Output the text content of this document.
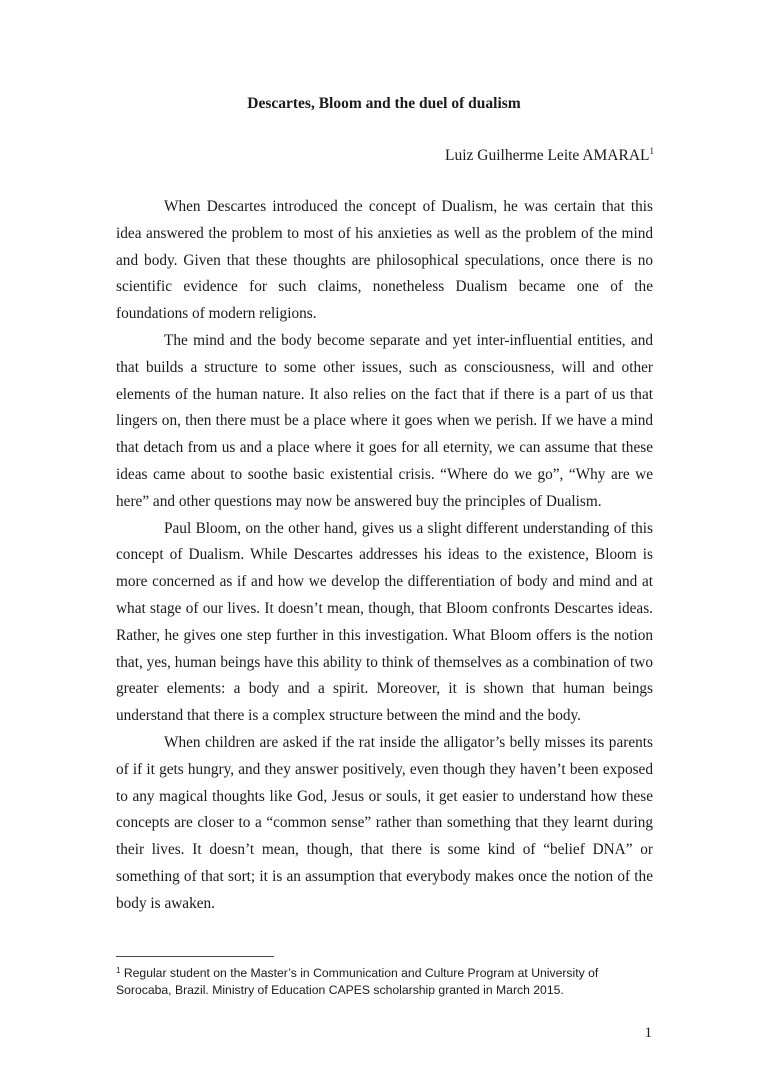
Descartes, Bloom and the duel of dualism

Luiz Guilherme Leite AMARAL$^1$

When Descartes introduced the concept of Dualism, he was certain that this idea answered the problem to most of his anxieties as well as the problem of the mind and body. Given that these thoughts are philosophical speculations, once there is no scientific evidence for such claims, nonetheless Dualism became one of the foundations of modern religions.

The mind and the body become separate and yet inter-influential entities, and that builds a structure to some other issues, such as consciousness, will and other elements of the human nature. It also relies on the fact that if there is a part of us that lingers on, then there must be a place where it goes when we perish. If we have a mind that detach from us and a place where it goes for all eternity, we can assume that these ideas came about to soothe basic existential crisis. “Where do we go”, “Why are we here” and other questions may now be answered buy the principles of Dualism.

Paul Bloom, on the other hand, gives us a slight different understanding of this concept of Dualism. While Descartes addresses his ideas to the existence, Bloom is more concerned as if and how we develop the differentiation of body and mind and at what stage of our lives. It doesn’t mean, though, that Bloom confronts Descartes ideas. Rather, he gives one step further in this investigation. What Bloom offers is the notion that, yes, human beings have this ability to think of themselves as a combination of two greater elements: a body and a spirit. Moreover, it is shown that human beings understand that there is a complex structure between the mind and the body.

When children are asked if the rat inside the alligator’s belly misses its parents of if it gets hungry, and they answer positively, even though they haven’t been exposed to any magical thoughts like God, Jesus or souls, it get easier to understand how these concepts are closer to a “common sense” rather than something that they learnt during their lives. It doesn’t mean, though, that there is some kind of “belief DNA” or something of that sort; it is an assumption that everybody makes once the notion of the body is awaken.

$^1$ Regular student on the Master’s in Communication and Culture Program at University of Sorocaba, Brazil. Ministry of Education CAPES scholarship granted in March 2015.

1
